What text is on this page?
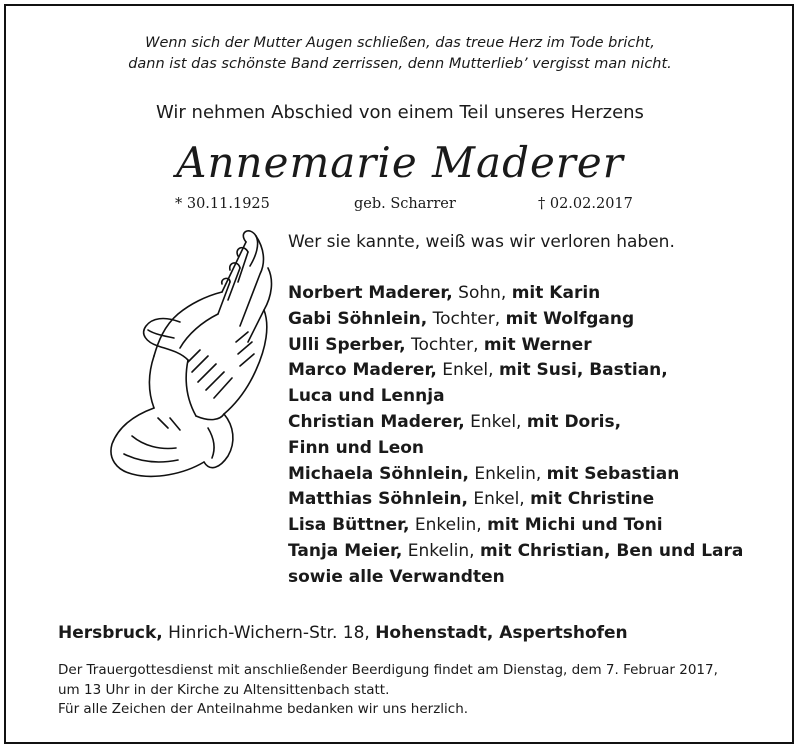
Wenn sich der Mutter Augen schließen, das treue Herz im Tode bricht,
dann ist das schönste Band zerrissen, denn Mutterlieb’ vergisst man nicht.
Wir nehmen Abschied von einem Teil unseres Herzens
Annemarie Maderer
* 30.11.1925	geb. Scharrer	† 02.02.2017
Wer sie kannte, weiß was wir verloren haben.
Norbert Maderer, Sohn, mit Karin
Gabi Söhnlein, Tochter, mit Wolfgang
Ulli Sperber, Tochter, mit Werner
Marco Maderer, Enkel, mit Susi, Bastian,
Luca und Lennja
Christian Maderer, Enkel, mit Doris,
Finn und Leon
Michaela Söhnlein, Enkelin, mit Sebastian
Matthias Söhnlein, Enkel, mit Christine
Lisa Büttner, Enkelin, mit Michi und Toni
Tanja Meier, Enkelin, mit Christian, Ben und Lara
sowie alle Verwandten
Hersbruck, Hinrich-Wichern-Str. 18, Hohenstadt, Aspertshofen
Der Trauergottesdienst mit anschließender Beerdigung findet am Dienstag, dem 7. Februar 2017,
um 13 Uhr in der Kirche zu Altensittenbach statt.
Für alle Zeichen der Anteilnahme bedanken wir uns herzlich.
